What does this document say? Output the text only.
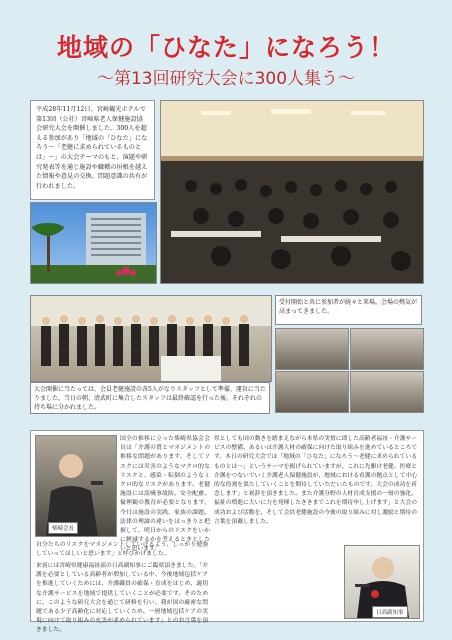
地域の「ひなた」になろう！
〜第13回研究大会に300人集う〜
平成28年11月12日、宮崎観光ホテルで第13回（公社）宮崎県老人保健施設協会研究大会を開催しました。300人を超える参加があり「地域の「ひなた」になろう〜「老健に求められているものとは」〜」の大会テーマのもと、演題や研究発表等を通じ施設や職種の垣根を越えた情報や意見の交換、問題意識の共有が行われました。
受付開始と共に参加者が続々と来場。会場の熱気が高まってきました。
大会開催に当たっては、会員老健施設の各5人がなりスタッフとして準備、運営に当たりました。当日の朝、清武町に集合したスタッフは最終確認を行った後、それぞれの持ち場に分かれました。
柴崎会長
国全の推移に立った柴崎県協会会長は「介護の質とマネジメントの推移な問題があります。そしてリスクには災害のようなマクロ的なリスクと、感染・転倒のようなミクロ的なリスクがあります。老健施設には誤嚥事故防、安全配慮、倫理観の教育が必要となります。今日は施設の実践、家族の課題、法律の理論の違いをはっきりと把握して、明日からのリスクをいかに軽減するかを考えるときとしたいと思います。
自分たちのリスクをマネジメントしていけるよう、しっかり勉強していってほしいと思います」と呼びかけました。
来賓には宮崎県健康福祉部の日高副知事にご臨席頂きました。「介護を必要としている高齢者が増加している中、今後地域包括ケアを推進していくためには、介護職員の確保・育成をはじめ、適切な介護サービスを地域で提供していくことが必要です。そのために、このような研究大会を通じて研修を行い、我が国の厳密な問題である少子高齢化に対応していくため、一層地域包括ケアの実現に向けて取り組みの充実が求められています」とのお言葉を頂きました。
県としても国の動きを踏まえながら本県の実情に即した高齢者福祉・介護サービスの整備、あるいは介護人材の確保に向けた取り組みを進めているところです。本日の研究大会では「地域の「ひなた」になろう〜老健に求められているものとは〜」というテーマを掲げられていますが、これに先駆け老健、医療と介護をつないでいく介護老人保健施設が、地域における看護の拠点として中心的な役割を果たしていくことを期待していただいたものです。大会の成功を祈念します」と祝辞を頂きました。また介護分野の人材育成支援の一層の強化、福祉の増進に大いに力を発揮したききまでこれを期待申し上げます」と大会の成功および活動を、そして会員老健施設の今後の取り組みに対し激励と期待の言葉を頂戴しました。
日高副知事
